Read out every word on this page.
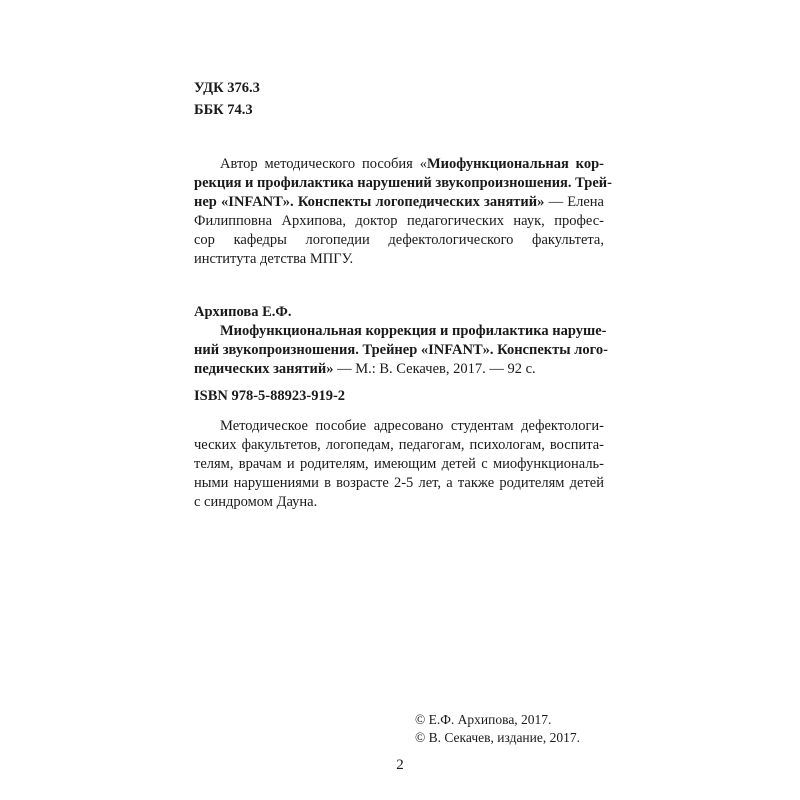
УДК 376.3
ББК 74.3
Автор методического пособия «Миофункциональная кор-
рекция и профилактика нарушений звукопроизношения. Трей-
нер «INFANT». Конспекты логопедических занятий» — Елена
Филипповна Архипова, доктор педагогических наук, профес-
сор кафедры логопедии дефектологического факультета,
института детства МПГУ.
Архипова Е.Ф.
Миофункциональная коррекция и профилактика наруше-
ний звукопроизношения. Трейнер «INFANT». Конспекты лого-
педических занятий» — М.: В. Секачев, 2017. — 92 с.
ISBN 978-5-88923-919-2
Методическое пособие адресовано студентам дефектологи-
ческих факультетов, логопедам, педагогам, психологам, воспита-
телям, врачам и родителям, имеющим детей с миофункциональ-
ными нарушениями в возрасте 2-5 лет, а также родителям детей
с синдромом Дауна.
© Е.Ф. Архипова, 2017.
© В. Секачев, издание, 2017.
2
